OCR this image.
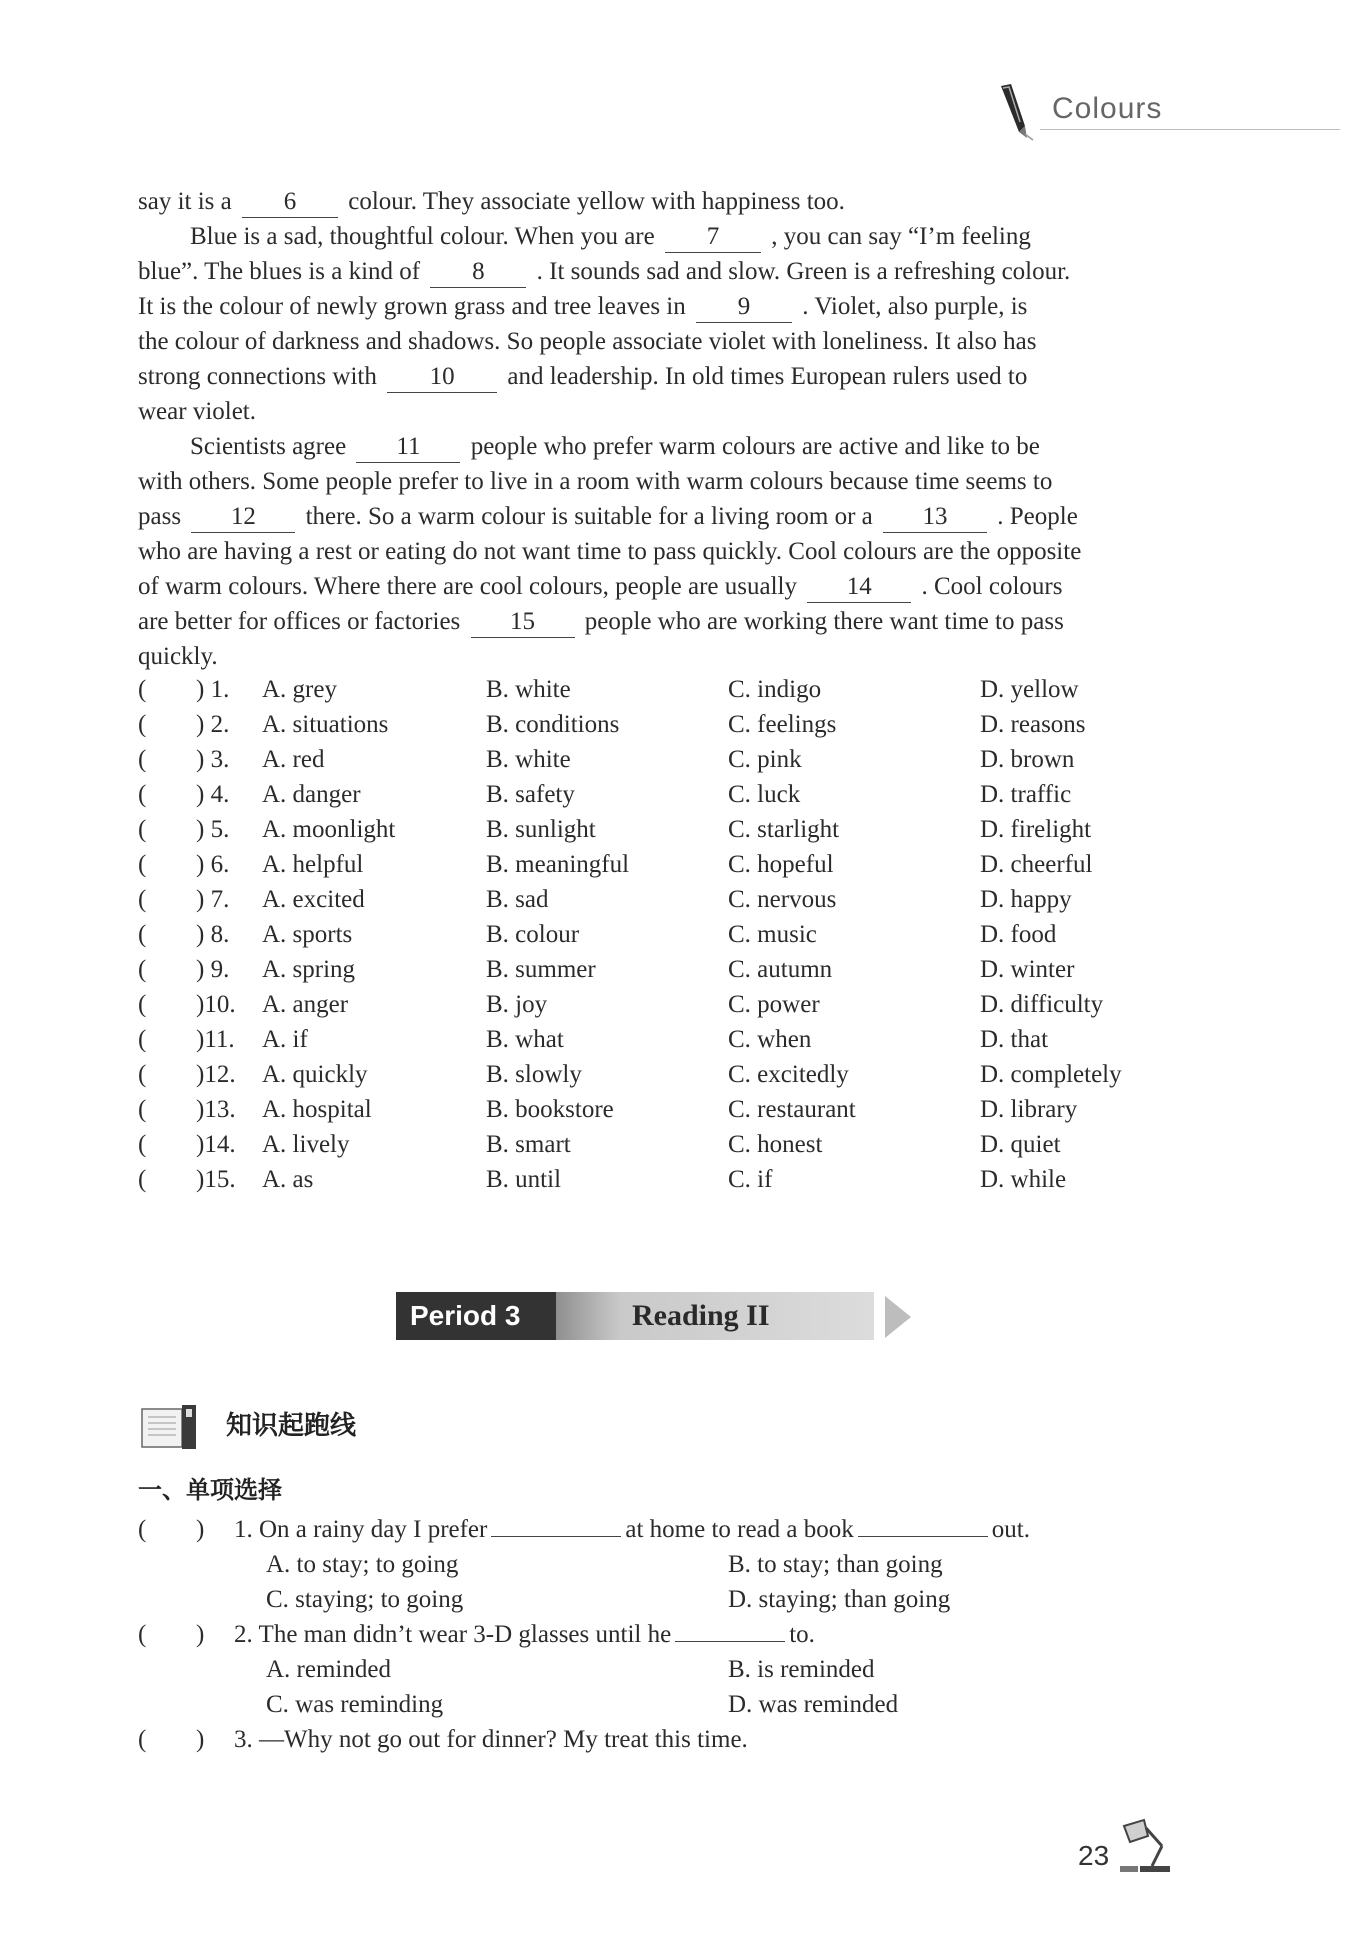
Colours
say it is a 6 colour. They associate yellow with happiness too.
Blue is a sad, thoughtful colour. When you are 7 , you can say “I’m feeling
blue”. The blues is a kind of 8 . It sounds sad and slow. Green is a refreshing colour.
It is the colour of newly grown grass and tree leaves in 9 . Violet, also purple, is
the colour of darkness and shadows. So people associate violet with loneliness. It also has
strong connections with 10 and leadership. In old times European rulers used to
wear violet.
Scientists agree 11 people who prefer warm colours are active and like to be
with others. Some people prefer to live in a room with warm colours because time seems to
pass 12 there. So a warm colour is suitable for a living room or a 13 . People
who are having a rest or eating do not want time to pass quickly. Cool colours are the opposite
of warm colours. Where there are cool colours, people are usually 14 . Cool colours
are better for offices or factories 15 people who are working there want time to pass
quickly.
( ) 1. A. grey	B. white	C. indigo	D. yellow
( ) 2. A. situations	B. conditions	C. feelings	D. reasons
( ) 3. A. red	B. white	C. pink	D. brown
( ) 4. A. danger	B. safety	C. luck	D. traffic
( ) 5. A. moonlight	B. sunlight	C. starlight	D. firelight
( ) 6. A. helpful	B. meaningful	C. hopeful	D. cheerful
( ) 7. A. excited	B. sad	C. nervous	D. happy
( ) 8. A. sports	B. colour	C. music	D. food
( ) 9. A. spring	B. summer	C. autumn	D. winter
( )10. A. anger	B. joy	C. power	D. difficulty
( )11. A. if	B. what	C. when	D. that
( )12. A. quickly	B. slowly	C. excitedly	D. completely
( )13. A. hospital	B. bookstore	C. restaurant	D. library
( )14. A. lively	B. smart	C. honest	D. quiet
( )15. A. as	B. until	C. if	D. while
Period 3	Reading II
知识起跑线
一、单项选择
( ) 1. On a rainy day I prefer	at home to read a book	out.
A. to stay; to going	B. to stay; than going
C. staying; to going	D. staying; than going
( ) 2. The man didn’t wear 3-D glasses until he	to.
A. reminded	B. is reminded
C. was reminding	D. was reminded
( ) 3. —Why not go out for dinner? My treat this time.
23
